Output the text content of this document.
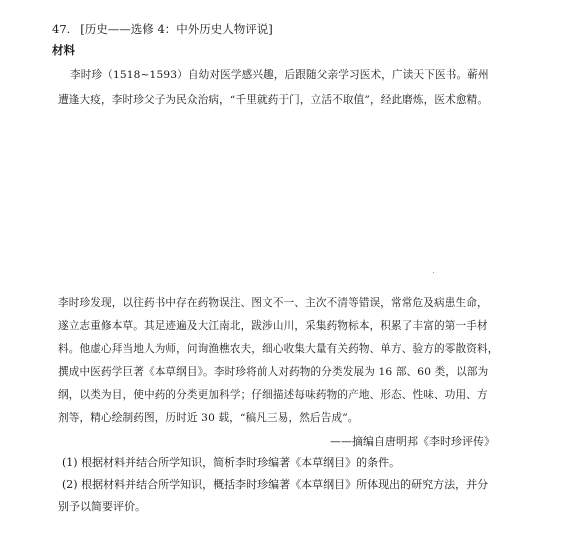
47. [历史——选修 4：中外历史人物评说]
材料
李时珍（1518~1593）自幼对医学感兴趣，后跟随父亲学习医术，广读天下医书。蕲州
遭逢大疫，李时珍父子为民众治病，“千里就药于门，立活不取值”，经此磨炼，医术愈精。
李时珍发现，以往药书中存在药物误注、图文不一、主次不清等错误，常常危及病患生命，
遂立志重修本草。其足迹遍及大江南北，跋涉山川，采集药物标本，积累了丰富的第一手材
料。他虚心拜当地人为师，问询渔樵农夫，细心收集大量有关药物、单方、验方的零散资料，
撰成中医药学巨著《本草纲目》。李时珍将前人对药物的分类发展为 16 部、60 类，以部为
纲，以类为目，使中药的分类更加科学；仔细描述每味药物的产地、形态、性味、功用、方
剂等，精心绘制药图，历时近 30 载，“稿凡三易，然后告成”。
——摘编自唐明邦《李时珍评传》
(1) 根据材料并结合所学知识，简析李时珍编著《本草纲目》的条件。
(2) 根据材料并结合所学知识，概括李时珍编著《本草纲目》所体现出的研究方法，并分
别予以简要评价。
